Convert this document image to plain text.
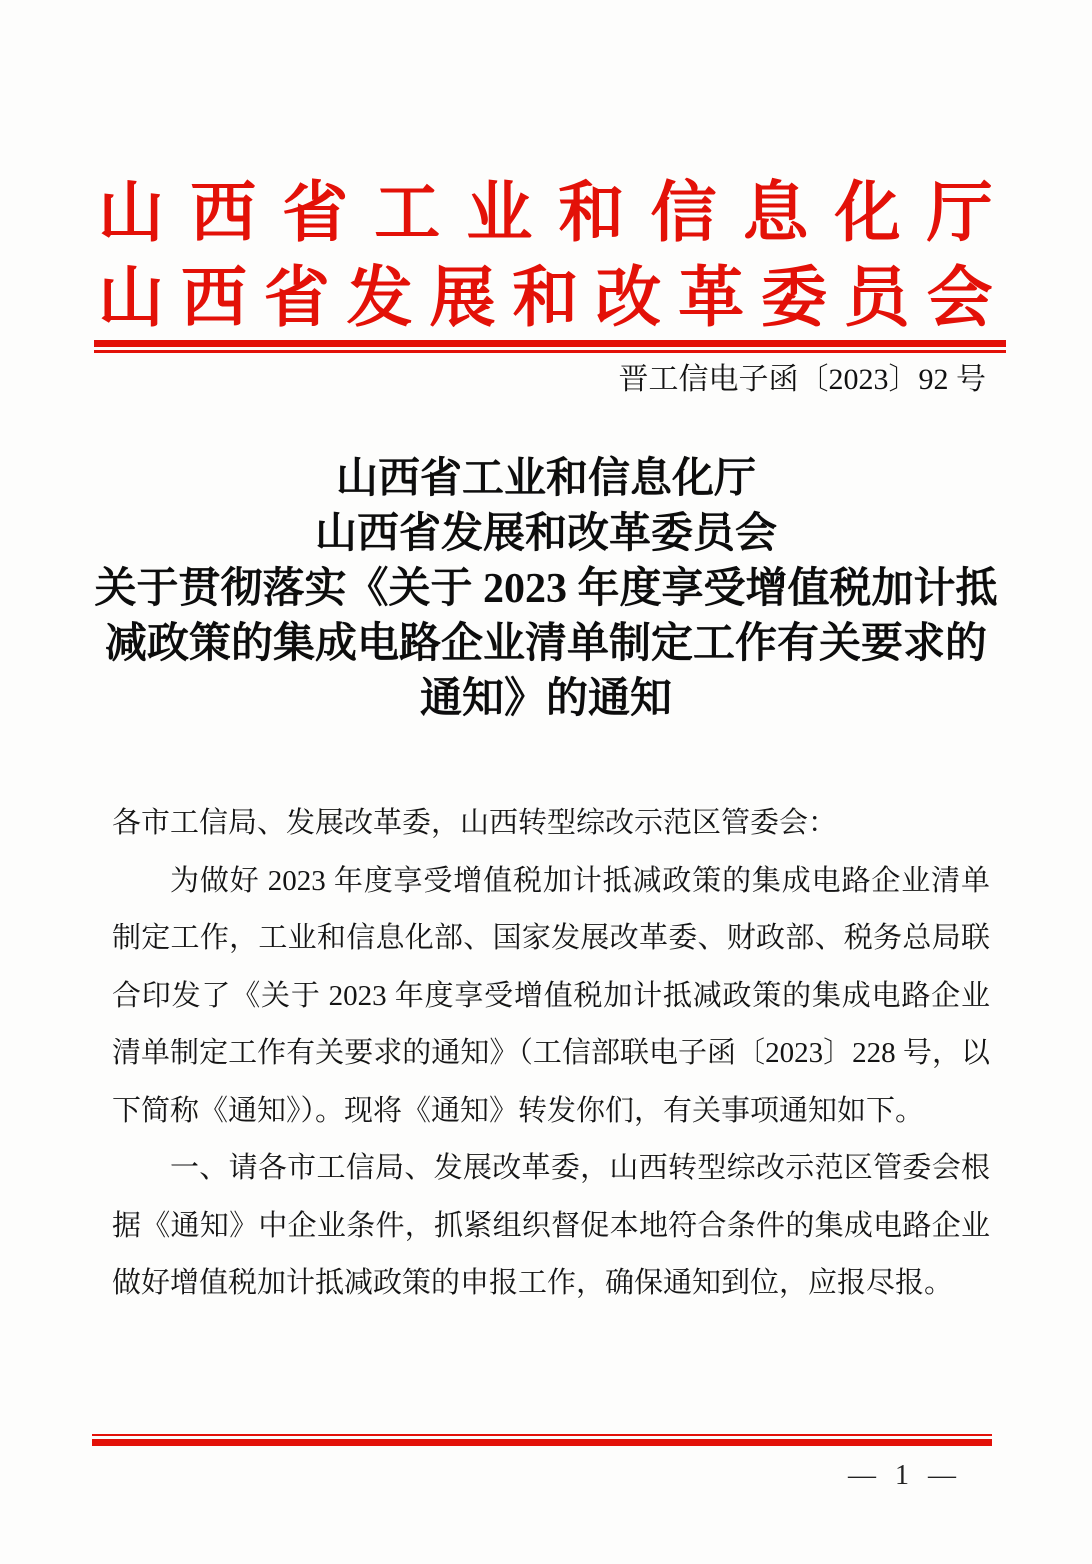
山西省工业和信息化厅
山西省发展和改革委员会
晋工信电子函〔2023〕92 号
山西省工业和信息化厅
山西省发展和改革委员会
关于贯彻落实《关于 2023 年度享受增值税加计抵
减政策的集成电路企业清单制定工作有关要求的
通知》的通知

各市工信局、发展改革委，山西转型综改示范区管委会：

为做好 2023 年度享受增值税加计抵减政策的集成电路企业清单制定工作，工业和信息化部、国家发展改革委、财政部、税务总局联合印发了《关于 2023 年度享受增值税加计抵减政策的集成电路企业清单制定工作有关要求的通知》（工信部联电子函〔2023〕228 号，以下简称《通知》）。现将《通知》转发你们，有关事项通知如下。

一、请各市工信局、发展改革委，山西转型综改示范区管委会根据《通知》中企业条件，抓紧组织督促本地符合条件的集成电路企业做好增值税加计抵减政策的申报工作，确保通知到位，应报尽报。

— 1 —
